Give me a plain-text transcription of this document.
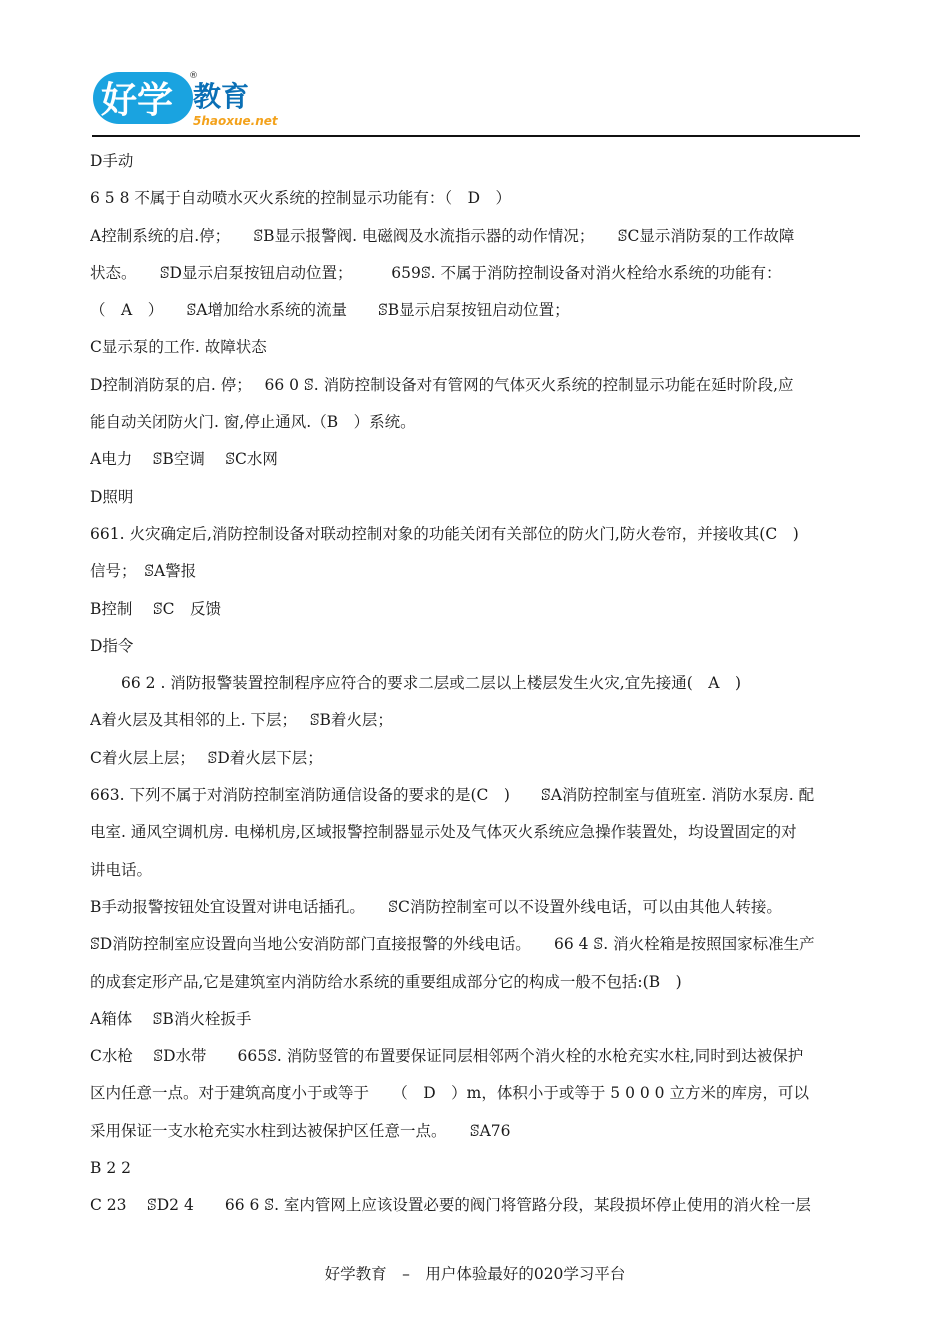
好学 教育
5haoxue.net
®
D手动
6 5 8 不属于自动喷水灭火系统的控制显示功能有：（　D　）
A控制系统的启.停；　　ꕷB显示报警阀. 电磁阀及水流指示器的动作情况；　　ꕷC显示消防泵的工作故障
状态。　　ꕷD显示启泵按钮启动位置；　　　659ꕷ. 不属于消防控制设备对消火栓给水系统的功能有：
（　A　）　　ꕷA增加给水系统的流量　　ꕷB显示启泵按钮启动位置；
C显示泵的工作. 故障状态
D控制消防泵的启. 停；　 66 0 ꕷ. 消防控制设备对有管网的气体灭火系统的控制显示功能在延时阶段,应
能自动关闭防火门. 窗,停止通风.（B　）系统。
A电力　 ꕷB空调　 ꕷC水网
D照明
661. 火灾确定后,消防控制设备对联动控制对象的功能关闭有关部位的防火门,防火卷帘，并接收其(C　)
信号；　ꕷA警报
B控制　 ꕷC　反馈
D指令
　　66 2 . 消防报警装置控制程序应符合的要求二层或二层以上楼层发生火灾,宜先接通(　A　)
A着火层及其相邻的上. 下层；　 ꕷB着火层；
C着火层上层；　 ꕷD着火层下层；
663. 下列不属于对消防控制室消防通信设备的要求的是(C　)　　ꕷA消防控制室与值班室. 消防水泵房. 配
电室. 通风空调机房. 电梯机房,区域报警控制器显示处及气体灭火系统应急操作装置处，均设置固定的对
讲电话。
B手动报警按钮处宜设置对讲电话插孔。　　ꕷC消防控制室可以不设置外线电话，可以由其他人转接。
ꕷD消防控制室应设置向当地公安消防部门直接报警的外线电话。　　66 4 ꕷ. 消火栓箱是按照国家标准生产
的成套定形产品,它是建筑室内消防给水系统的重要组成部分它的构成一般不包括:(B　)
A箱体　 ꕷB消火栓扳手
C水枪　 ꕷD水带　　665ꕷ. 消防竖管的布置要保证同层相邻两个消火栓的水枪充实水柱,同时到达被保护
区内任意一点。对于建筑高度小于或等于　　（　D　）m，体积小于或等于 5 0 0 0 立方米的库房，可以
采用保证一支水枪充实水柱到达被保护区任意一点。　　ꕷA76
B 2 2
C 23　 ꕷD2 4　　66 6 ꕷ. 室内管网上应该设置必要的阀门将管路分段，某段损坏停止使用的消火栓一层
好学教育　–　用户体验最好的020学习平台
